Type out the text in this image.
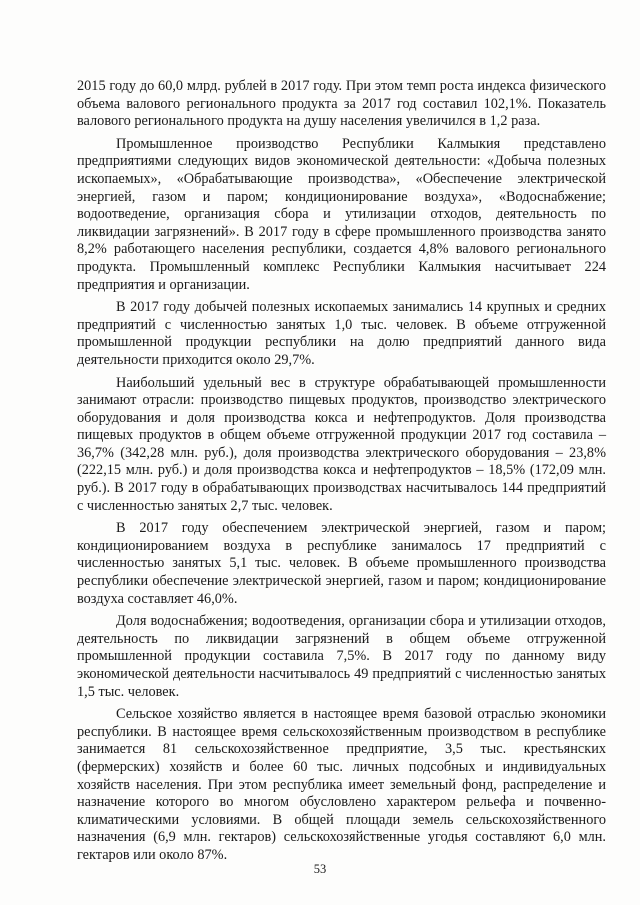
2015 году до 60,0 млрд. рублей в 2017 году. При этом темп роста индекса физического объема валового регионального продукта за 2017 год составил 102,1%. Показатель валового регионального продукта на душу населения увеличился в 1,2 раза.

Промышленное производство Республики Калмыкия представлено предприятиями следующих видов экономической деятельности: «Добыча полезных ископаемых», «Обрабатывающие производства», «Обеспечение электрической энергией, газом и паром; кондиционирование воздуха», «Водоснабжение; водоотведение, организация сбора и утилизации отходов, деятельность по ликвидации загрязнений». В 2017 году в сфере промышленного производства занято 8,2% работающего населения республики, создается 4,8% валового регионального продукта. Промышленный комплекс Республики Калмыкия насчитывает 224 предприятия и организации.

В 2017 году добычей полезных ископаемых занимались 14 крупных и средних предприятий с численностью занятых 1,0 тыс. человек. В объеме отгруженной промышленной продукции республики на долю предприятий данного вида деятельности приходится около 29,7%.

Наибольший удельный вес в структуре обрабатывающей промышленности занимают отрасли: производство пищевых продуктов, производство электрического оборудования и доля производства кокса и нефтепродуктов. Доля производства пищевых продуктов в общем объеме отгруженной продукции 2017 год составила – 36,7% (342,28 млн. руб.), доля производства электрического оборудования – 23,8% (222,15 млн. руб.) и доля производства кокса и нефтепродуктов – 18,5% (172,09 млн. руб.). В 2017 году в обрабатывающих производствах насчитывалось 144 предприятий с численностью занятых 2,7 тыс. человек.

В 2017 году обеспечением электрической энергией, газом и паром; кондиционированием воздуха в республике занималось 17 предприятий с численностью занятых 5,1 тыс. человек. В объеме промышленного производства республики обеспечение электрической энергией, газом и паром; кондиционирование воздуха составляет 46,0%.

Доля водоснабжения; водоотведения, организации сбора и утилизации отходов, деятельность по ликвидации загрязнений в общем объеме отгруженной промышленной продукции составила 7,5%. В 2017 году по данному виду экономической деятельности насчитывалось 49 предприятий с численностью занятых 1,5 тыс. человек.

Сельское хозяйство является в настоящее время базовой отраслью экономики республики. В настоящее время сельскохозяйственным производством в республике занимается 81 сельскохозяйственное предприятие, 3,5 тыс. крестьянских (фермерских) хозяйств и более 60 тыс. личных подсобных и индивидуальных хозяйств населения. При этом республика имеет земельный фонд, распределение и назначение которого во многом обусловлено характером рельефа и почвенно-климатическими условиями. В общей площади земель сельскохозяйственного назначения (6,9 млн. гектаров) сельскохозяйственные угодья составляют 6,0 млн. гектаров или около 87%.

53
